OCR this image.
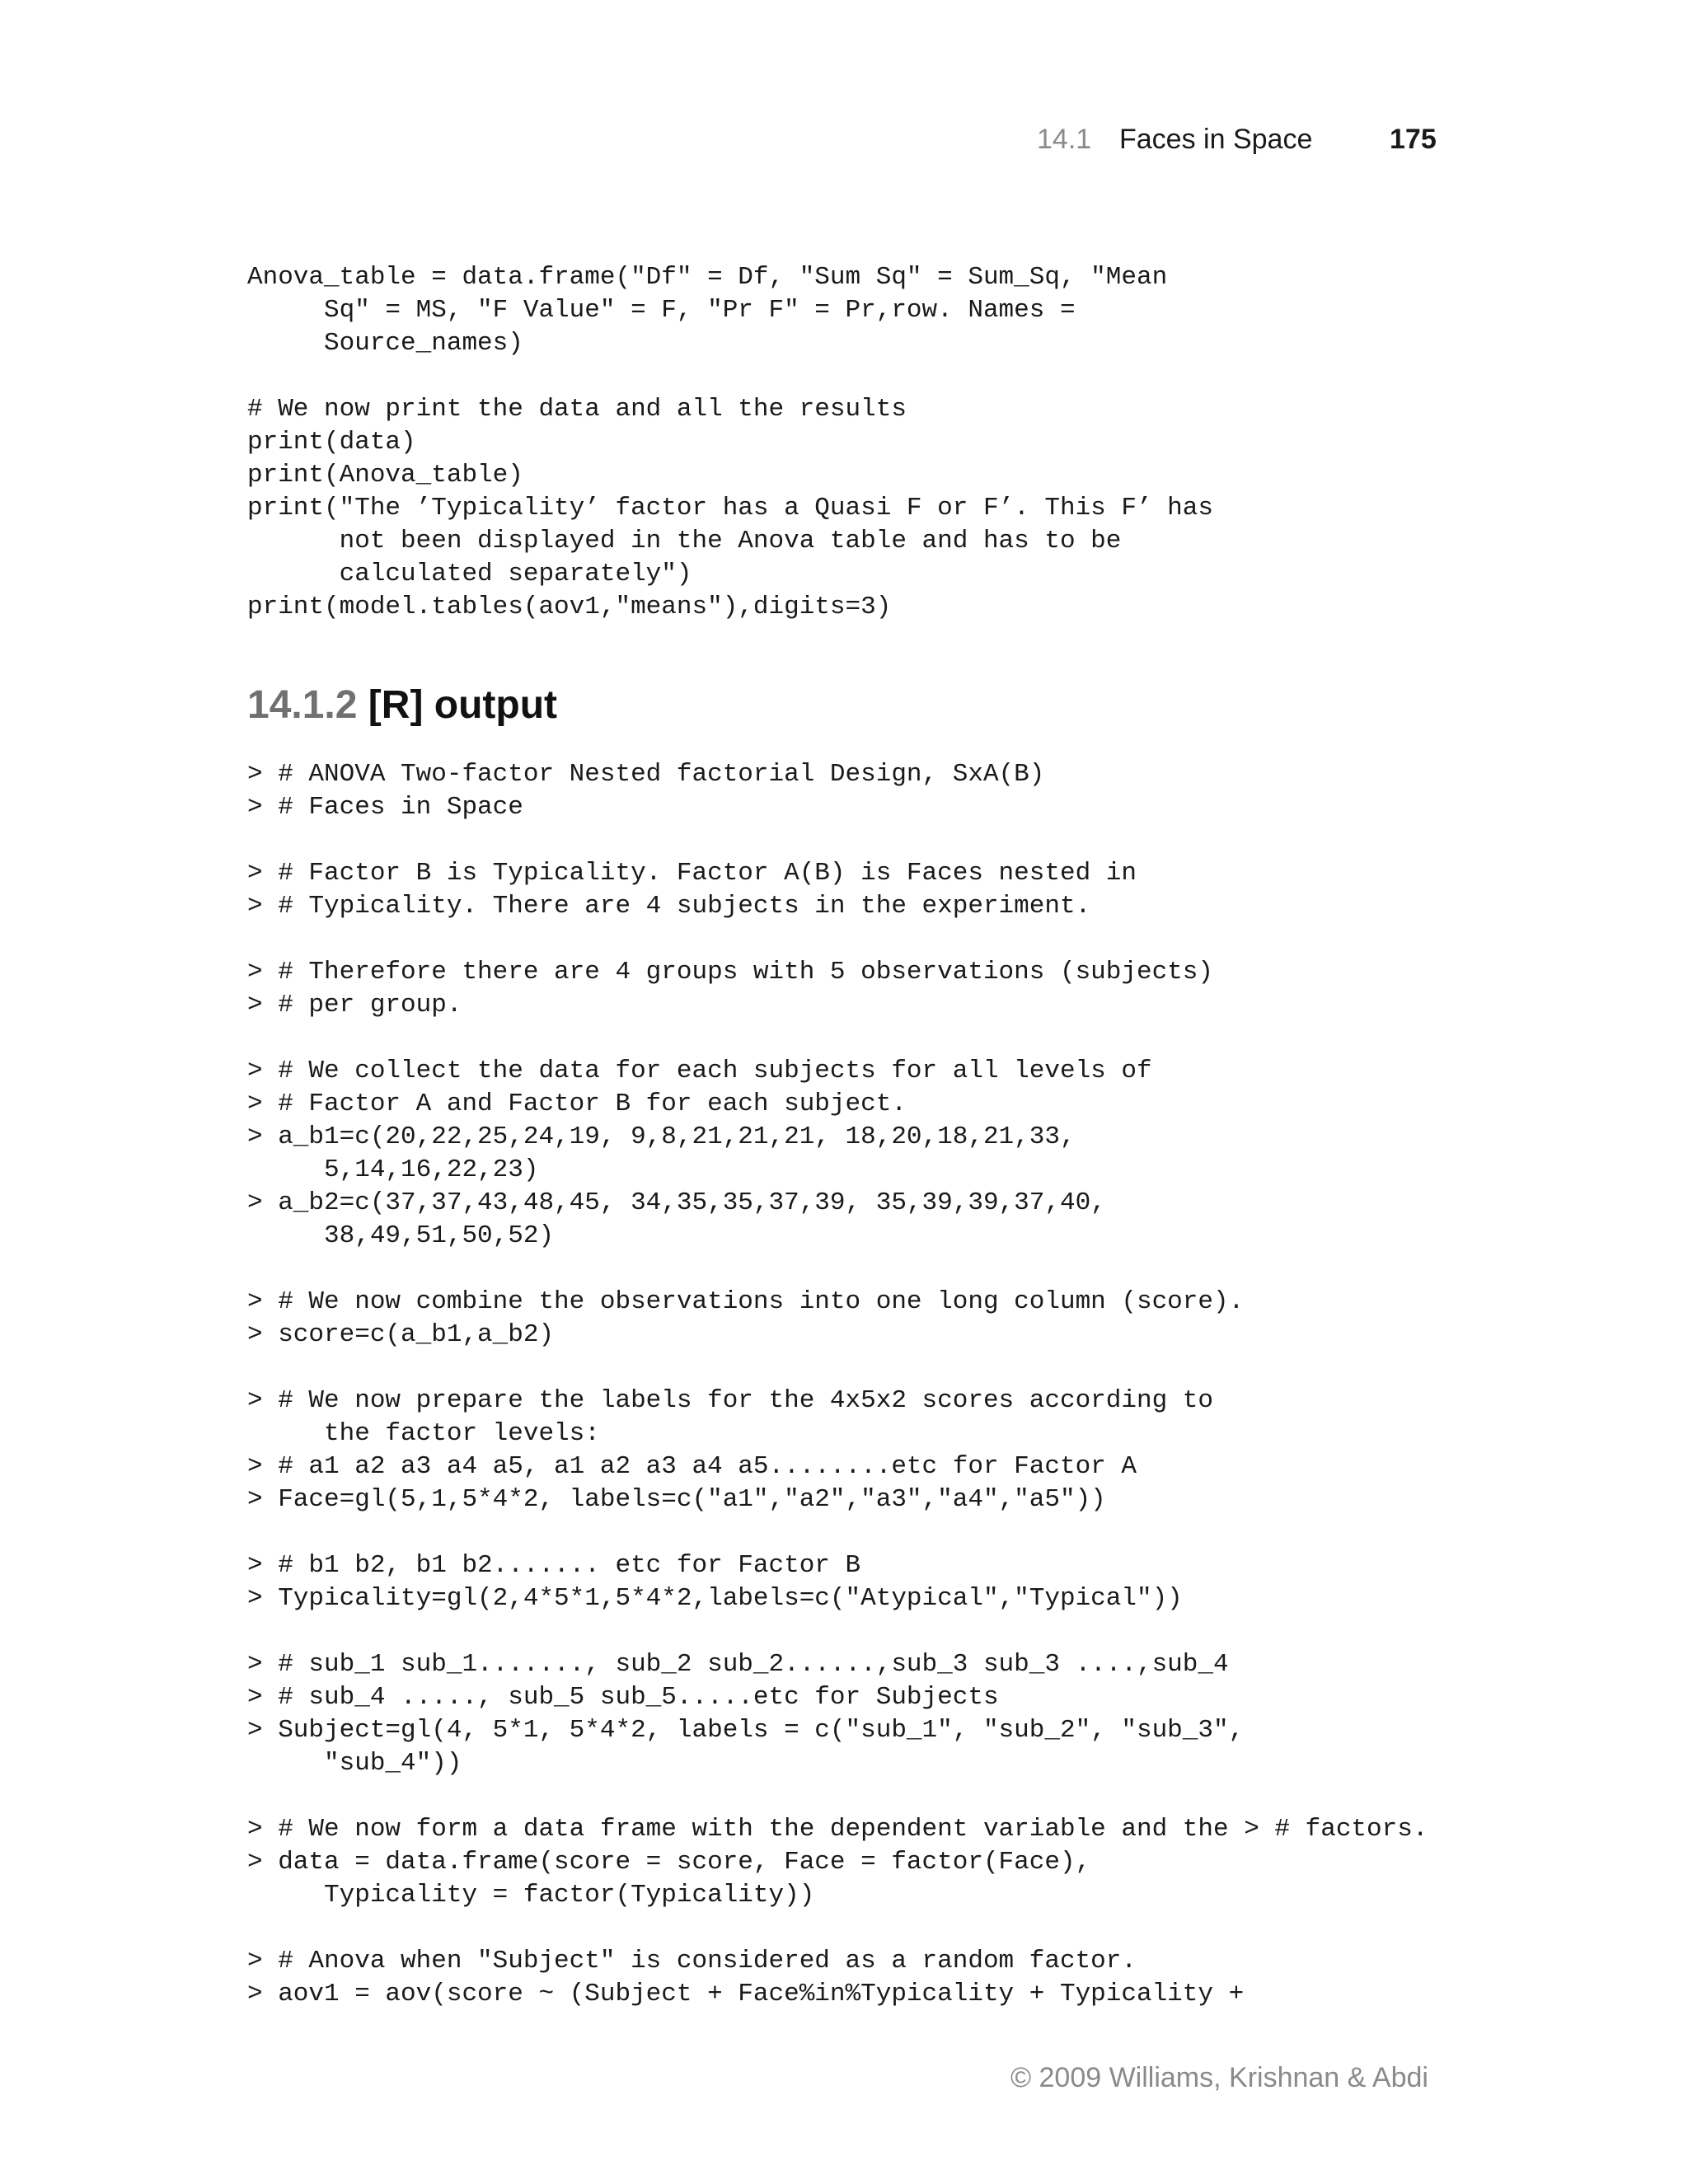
14.1 Faces in Space	175
Anova_table = data.frame("Df" = Df, "Sum Sq" = Sum_Sq, "Mean
Sq" = MS, "F Value" = F, "Pr F" = Pr,row. Names =
Source_names)

# We now print the data and all the results
print(data)
print(Anova_table)
print("The ’Typicality’ factor has a Quasi F or F’. This F’ has
not been displayed in the Anova table and has to be
calculated separately")
print(model.tables(aov1,"means"),digits=3)
14.1.2 [R] output
> # ANOVA Two-factor Nested factorial Design, SxA(B)
> # Faces in Space

> # Factor B is Typicality. Factor A(B) is Faces nested in
> # Typicality. There are 4 subjects in the experiment.

> # Therefore there are 4 groups with 5 observations (subjects)
> # per group.

> # We collect the data for each subjects for all levels of
> # Factor A and Factor B for each subject.
> a_b1=c(20,22,25,24,19, 9,8,21,21,21, 18,20,18,21,33,
5,14,16,22,23)
> a_b2=c(37,37,43,48,45, 34,35,35,37,39, 35,39,39,37,40,
38,49,51,50,52)

> # We now combine the observations into one long column (score).
> score=c(a_b1,a_b2)

> # We now prepare the labels for the 4x5x2 scores according to
the factor levels:
> # a1 a2 a3 a4 a5, a1 a2 a3 a4 a5........etc for Factor A
> Face=gl(5,1,5*4*2, labels=c("a1","a2","a3","a4","a5"))

> # b1 b2, b1 b2....... etc for Factor B
> Typicality=gl(2,4*5*1,5*4*2,labels=c("Atypical","Typical"))

> # sub_1 sub_1......., sub_2 sub_2......,sub_3 sub_3 ....,sub_4
> # sub_4 ....., sub_5 sub_5.....etc for Subjects
> Subject=gl(4, 5*1, 5*4*2, labels = c("sub_1", "sub_2", "sub_3",
"sub_4"))

> # We now form a data frame with the dependent variable and the > # factors.
> data = data.frame(score = score, Face = factor(Face),
Typicality = factor(Typicality))

> # Anova when "Subject" is considered as a random factor.
> aov1 = aov(score ~ (Subject + Face%in%Typicality + Typicality +
© 2009 Williams, Krishnan & Abdi
